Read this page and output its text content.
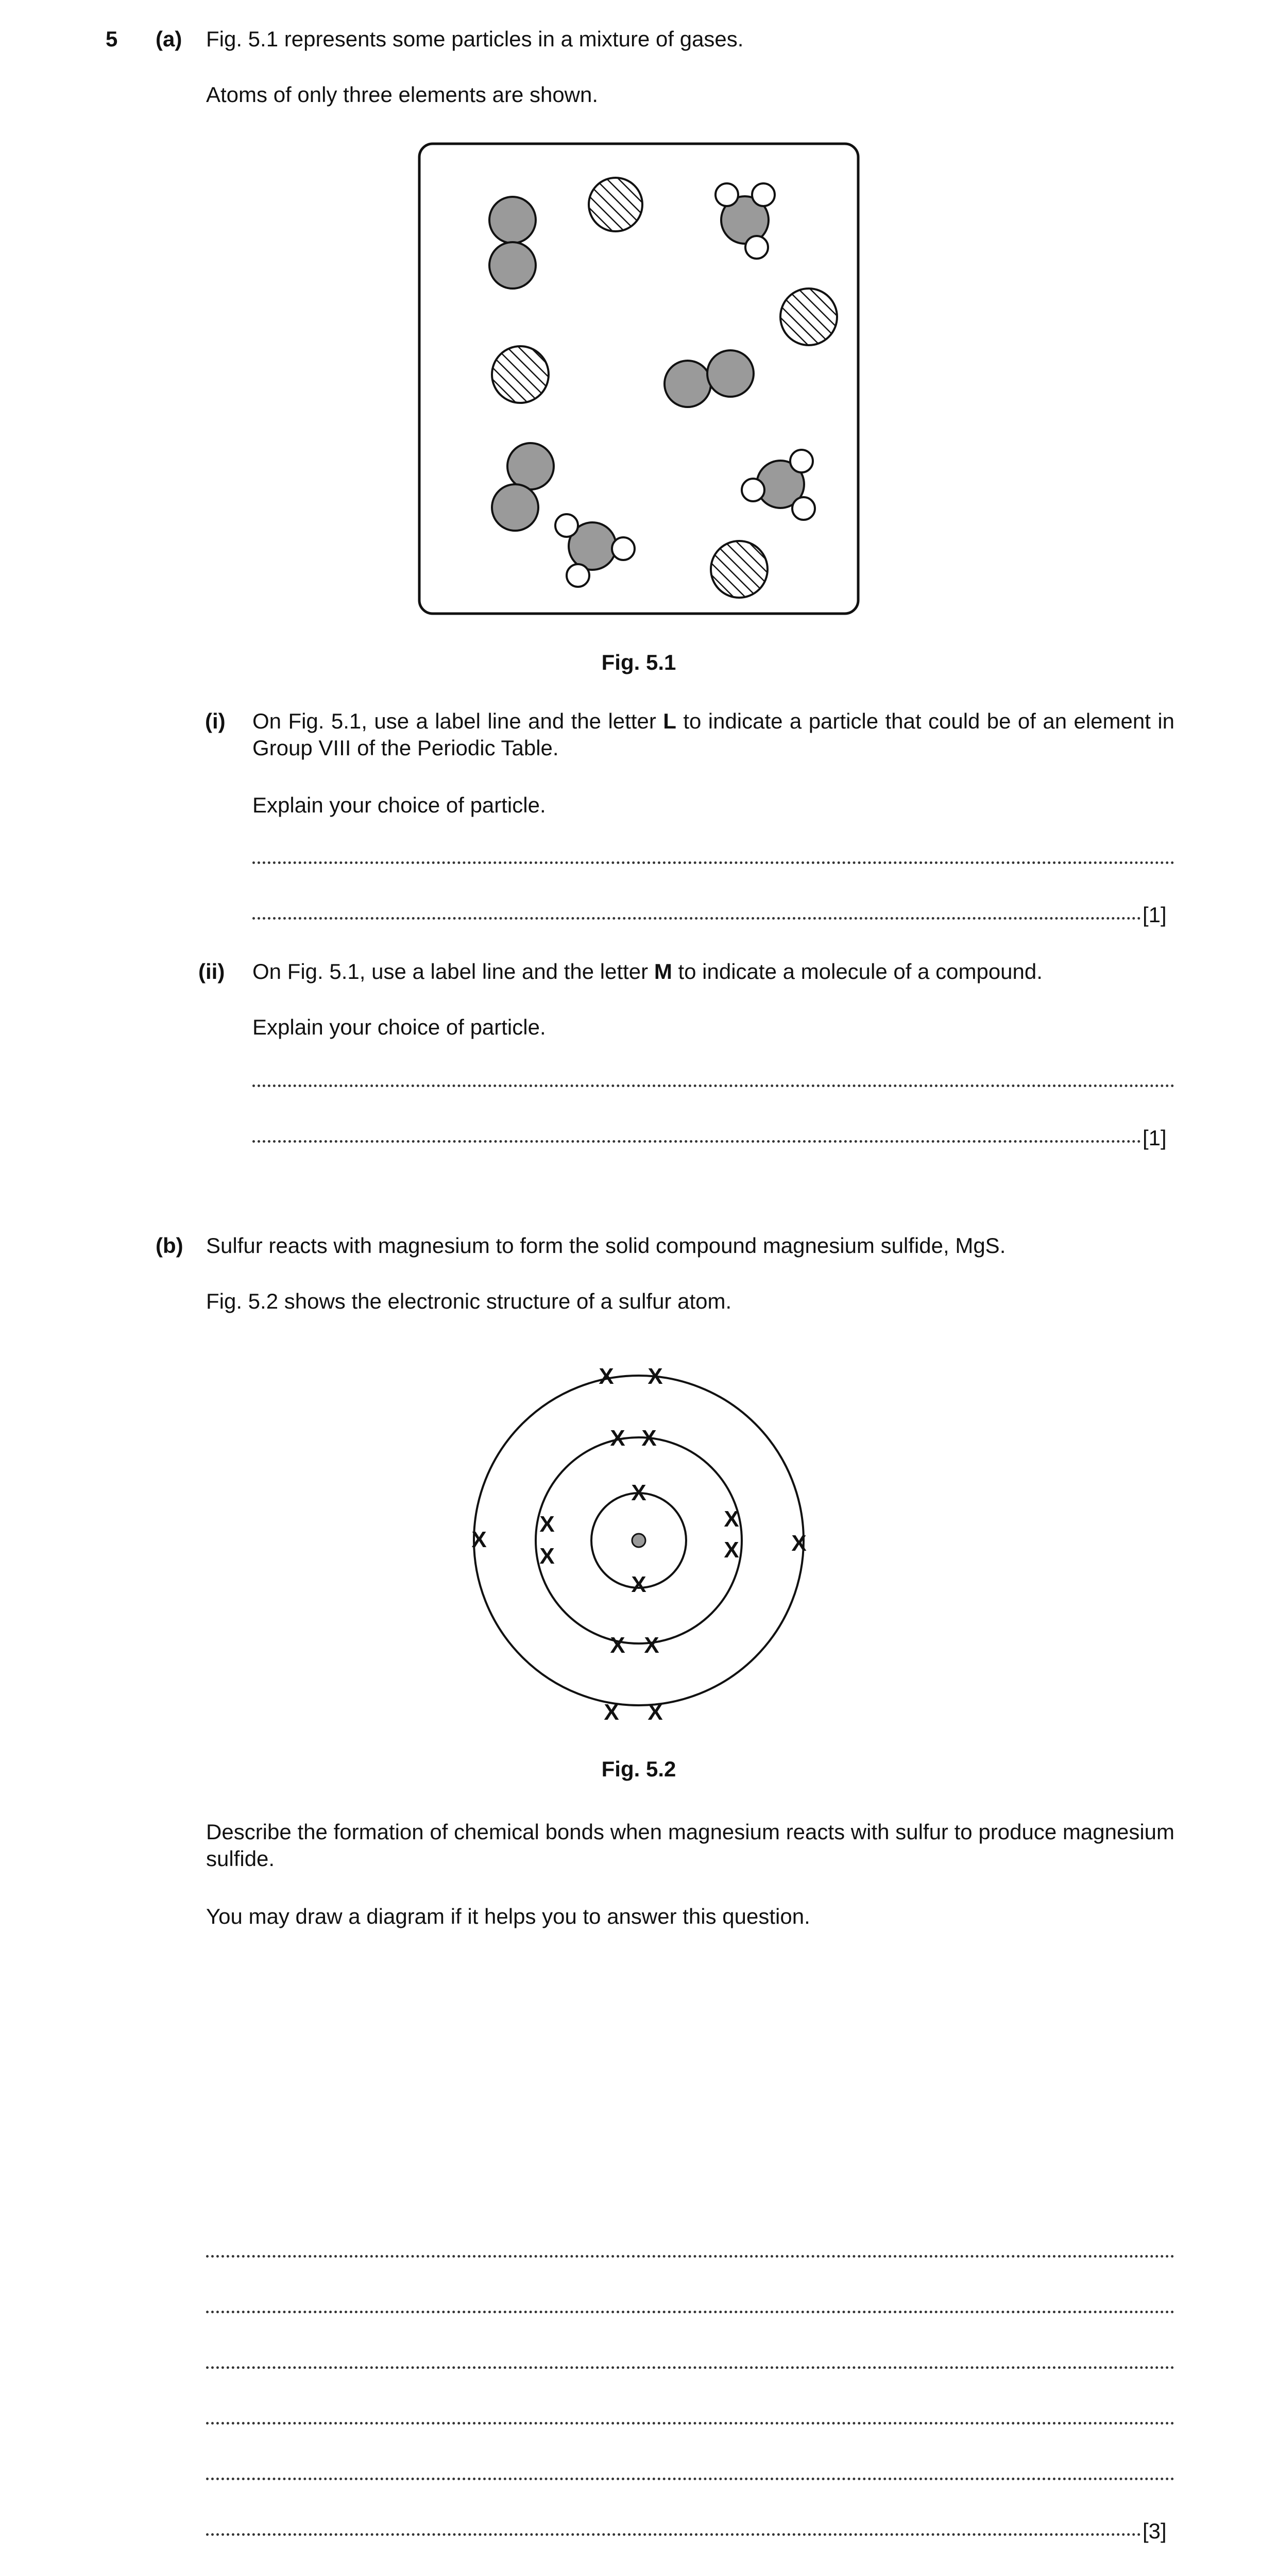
5 (a) Fig. 5.1 represents some particles in a mixture of gases.
Atoms of only three elements are shown.
Fig. 5.1
(i) On Fig. 5.1, use a label line and the letter L to indicate a particle that could be of an element in Group VIII of the Periodic Table.
Explain your choice of particle.
[1]
(ii) On Fig. 5.1, use a label line and the letter M to indicate a molecule of a compound.
Explain your choice of particle.
[1]
(b) Sulfur reacts with magnesium to form the solid compound magnesium sulfide, MgS.
Fig. 5.2 shows the electronic structure of a sulfur atom.
X X
X X
X
X
X
X
X
X
X	X
X X
X X
Fig. 5.2
Describe the formation of chemical bonds when magnesium reacts with sulfur to produce magnesium sulfide.
You may draw a diagram if it helps you to answer this question.
[3]
